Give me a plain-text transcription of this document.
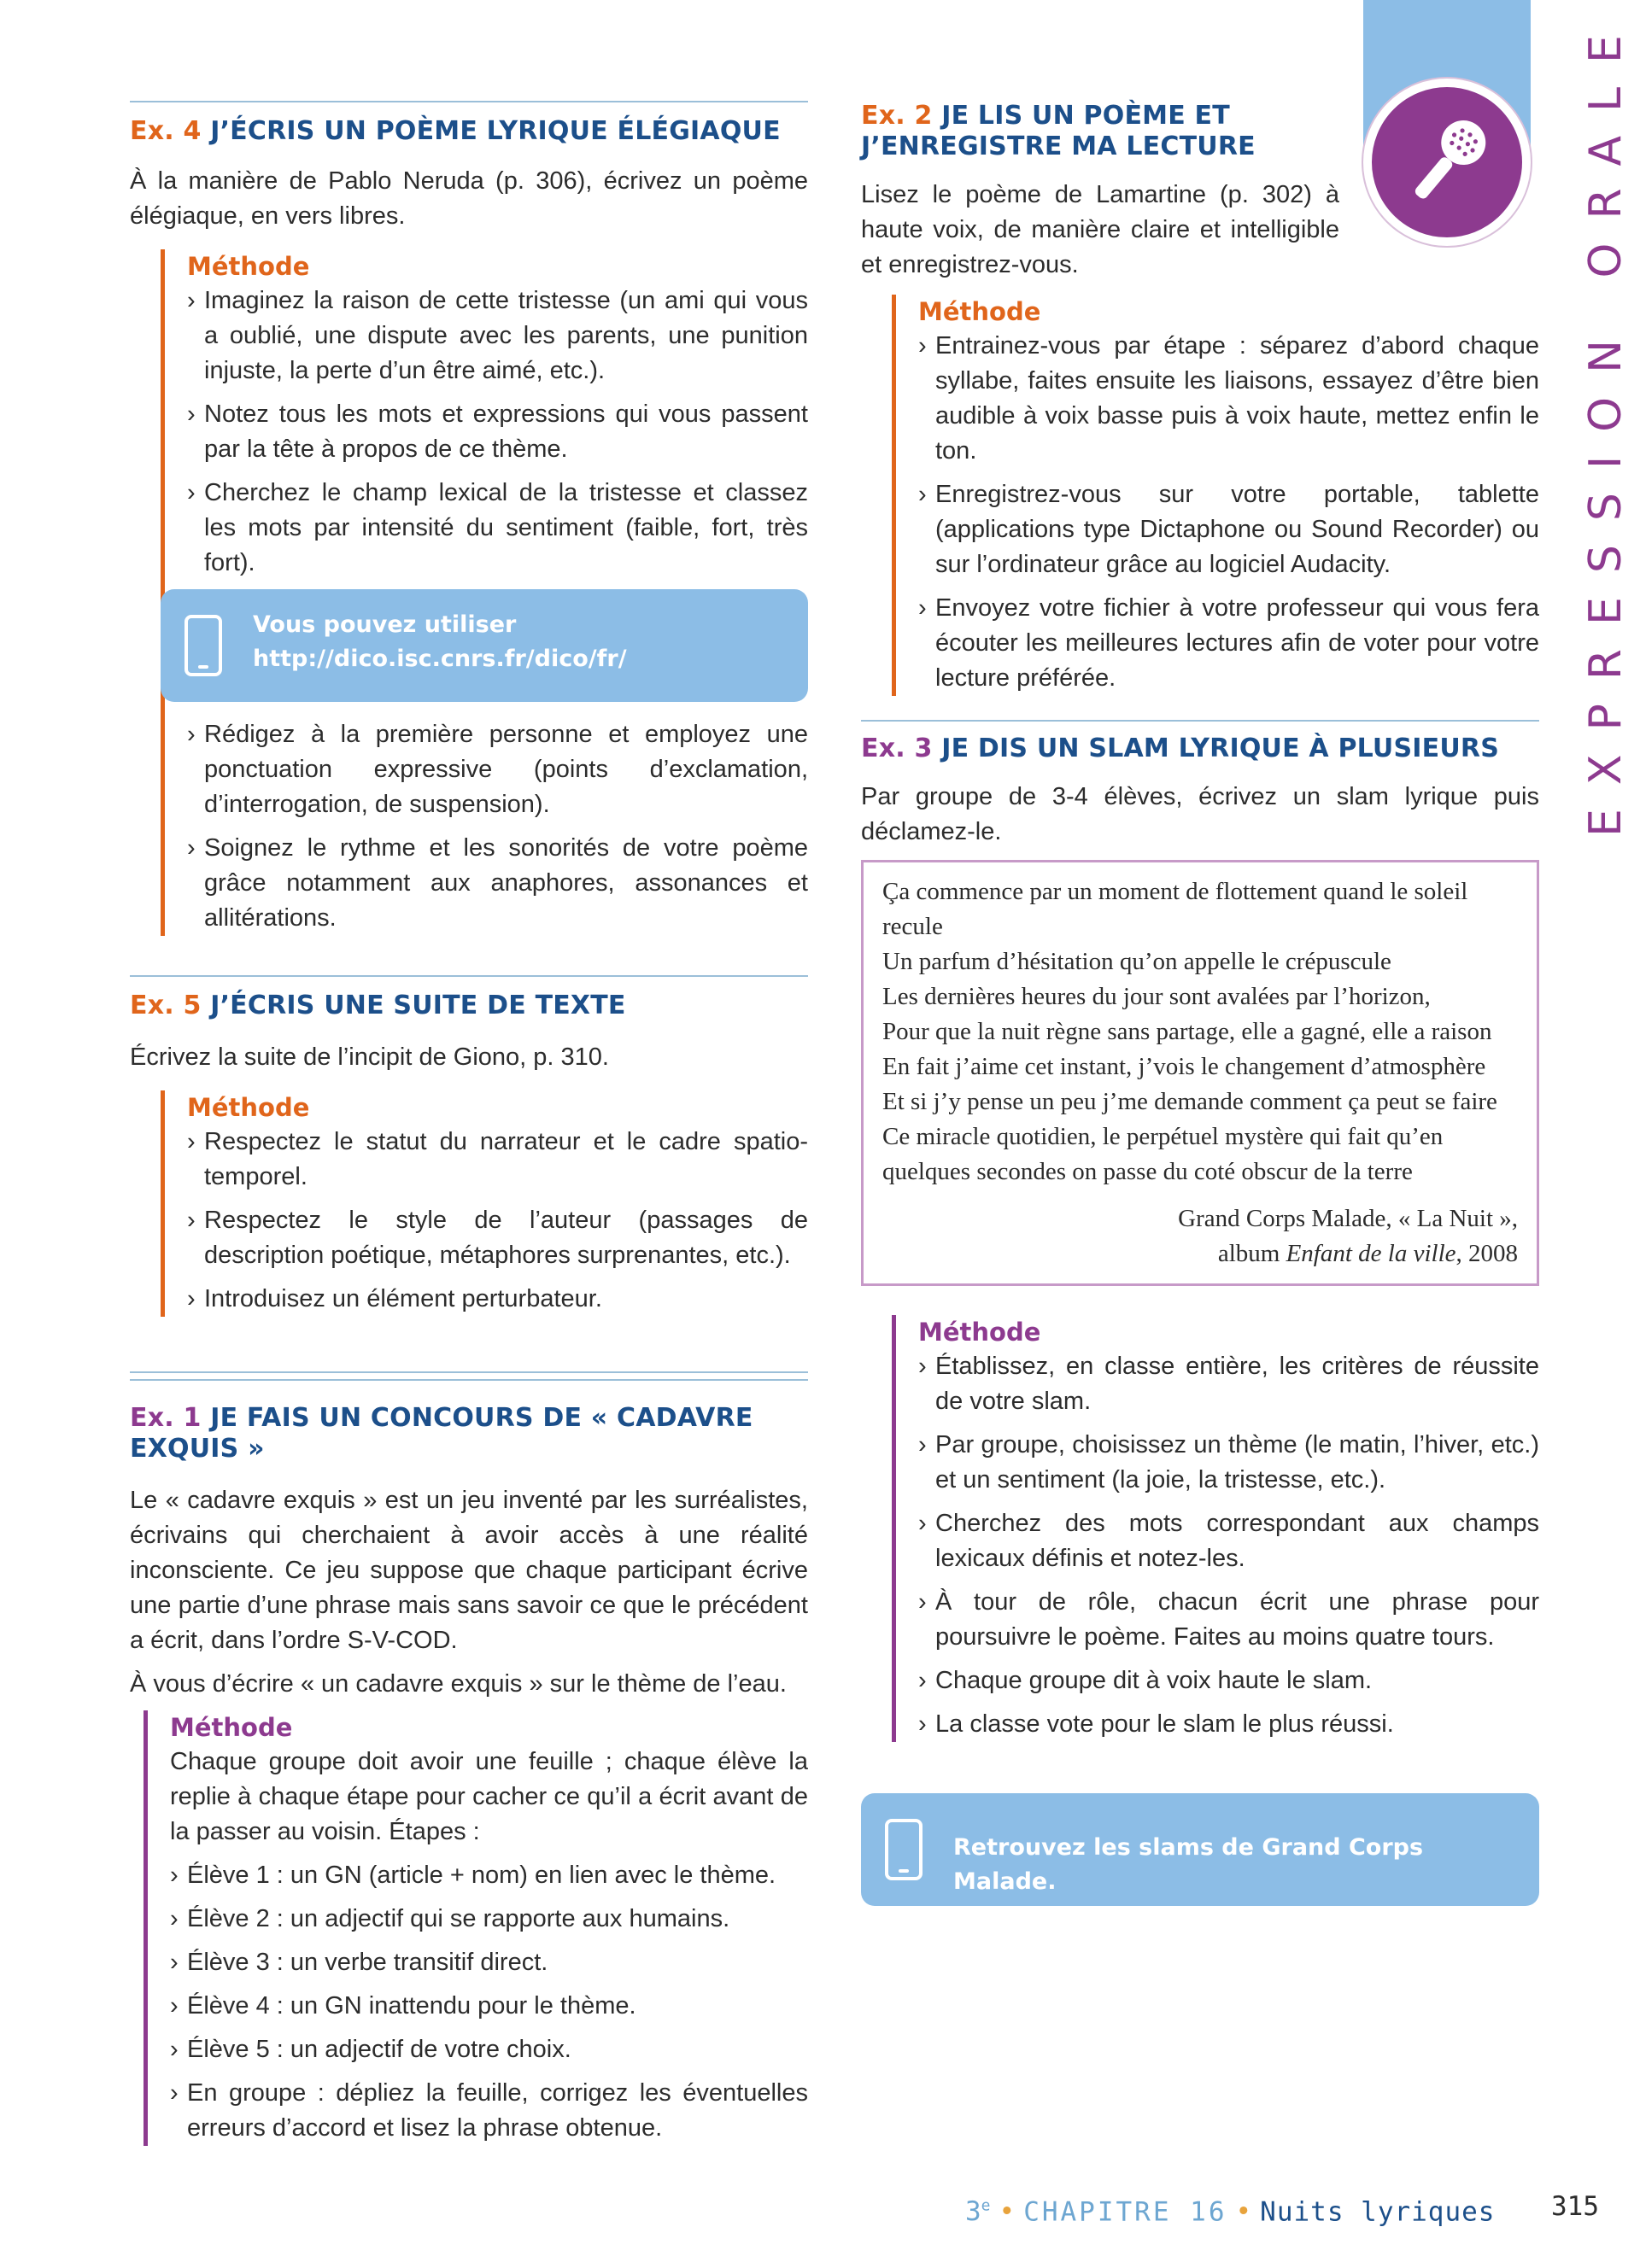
Ex. 4 J’ÉCRIS UN POÈME LYRIQUE ÉLÉGIAQUE

À la manière de Pablo Neruda (p. 306), écrivez un poème élégiaque, en vers libres.

Méthode
› Imaginez la raison de cette tristesse (un ami qui vous a oublié, une dispute avec les parents, une punition injuste, la perte d’un être aimé, etc.).
› Notez tous les mots et expressions qui vous passent par la tête à propos de ce thème.
› Cherchez le champ lexical de la tristesse et classez les mots par intensité du sentiment (faible, fort, très fort).
Vous pouvez utiliser http://dico.isc.cnrs.fr/dico/fr/
› Rédigez à la première personne et employez une ponctuation expressive (points d’exclamation, d’interrogation, de suspension).
› Soignez le rythme et les sonorités de votre poème grâce notamment aux anaphores, assonances et allitérations.
Ex. 5 J’ÉCRIS UNE SUITE DE TEXTE

Écrivez la suite de l’incipit de Giono, p. 310.

Méthode
› Respectez le statut du narrateur et le cadre spatio-temporel.
› Respectez le style de l’auteur (passages de description poétique, métaphores surprenantes, etc.).
› Introduisez un élément perturbateur.
Ex. 1 JE FAIS UN CONCOURS DE « CADAVRE EXQUIS »

Le « cadavre exquis » est un jeu inventé par les surréalistes, écrivains qui cherchaient à avoir accès à une réalité inconsciente. Ce jeu suppose que chaque participant écrive une partie d’une phrase mais sans savoir ce que le précédent a écrit, dans l’ordre S-V-COD.

À vous d’écrire « un cadavre exquis » sur le thème de l’eau.

Méthode

Chaque groupe doit avoir une feuille ; chaque élève la replie à chaque étape pour cacher ce qu’il a écrit avant de la passer au voisin. Étapes :

› Élève 1 : un GN (article + nom) en lien avec le thème.
› Élève 2 : un adjectif qui se rapporte aux humains.
› Élève 3 : un verbe transitif direct.
› Élève 4 : un GN inattendu pour le thème.
› Élève 5 : un adjectif de votre choix.
› En groupe : dépliez la feuille, corrigez les éventuelles erreurs d’accord et lisez la phrase obtenue.
Ex. 2 JE LIS UN POÈME ET J’ENREGISTRE MA LECTURE

Lisez le poème de Lamartine (p. 302) à haute voix, de manière claire et intelligible et enregistrez-vous.

Méthode
› Entrainez-vous par étape : séparez d’abord chaque syllabe, faites ensuite les liaisons, essayez d’être bien audible à voix basse puis à voix haute, mettez enfin le ton.
› Enregistrez-vous sur votre portable, tablette (applications type Dictaphone ou Sound Recorder) ou sur l’ordinateur grâce au logiciel Audacity.
› Envoyez votre fichier à votre professeur qui vous fera écouter les meilleures lectures afin de voter pour votre lecture préférée.
Ex. 3 JE DIS UN SLAM LYRIQUE À PLUSIEURS

Par groupe de 3-4 élèves, écrivez un slam lyrique puis déclamez-le.

Ça commence par un moment de flottement quand le soleil recule
Un parfum d’hésitation qu’on appelle le crépuscule
Les dernières heures du jour sont avalées par l’horizon,
Pour que la nuit règne sans partage, elle a gagné, elle a raison
En fait j’aime cet instant, j’vois le changement d’atmosphère
Et si j’y pense un peu j’me demande comment ça peut se faire
Ce miracle quotidien, le perpétuel mystère qui fait qu’en quelques secondes on passe du coté obscur de la terre
Grand Corps Malade, « La Nuit »,
album Enfant de la ville, 2008
Méthode
› Établissez, en classe entière, les critères de réussite de votre slam.
› Par groupe, choisissez un thème (le matin, l’hiver, etc.) et un sentiment (la joie, la tristesse, etc.).
› Cherchez des mots correspondant aux champs lexicaux définis et notez-les.
› À tour de rôle, chacun écrit une phrase pour poursuivre le poème. Faites au moins quatre tours.
› Chaque groupe dit à voix haute le slam.
› La classe vote pour le slam le plus réussi.
Retrouvez les slams de Grand Corps Malade.
EXPRESSION ORALE
3e • CHAPITRE 16 • Nuits lyriques 315
